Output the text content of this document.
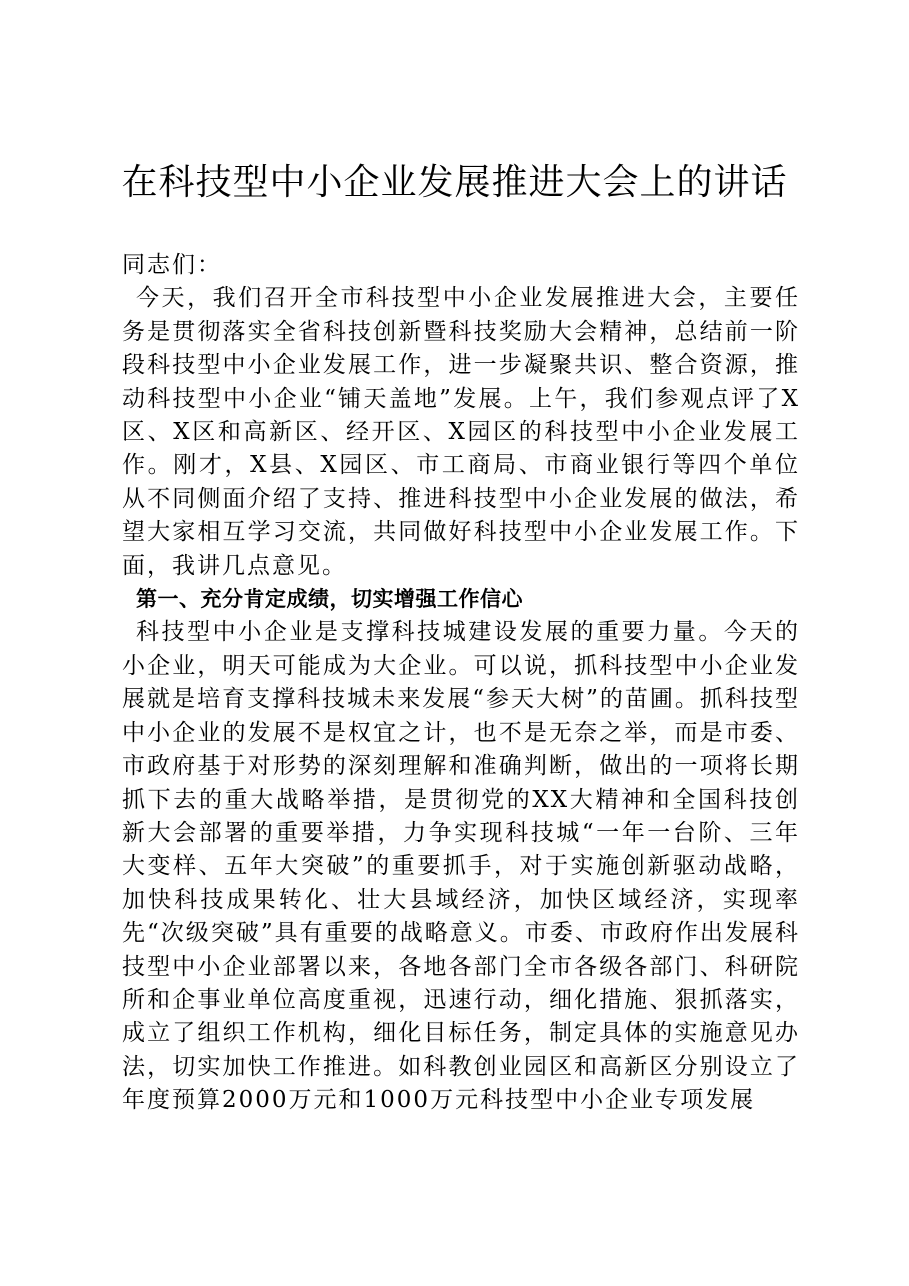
在科技型中小企业发展推进大会上的讲话

同志们：

今天，我们召开全市科技型中小企业发展推进大会，主要任务是贯彻落实全省科技创新暨科技奖励大会精神，总结前一阶段科技型中小企业发展工作，进一步凝聚共识、整合资源，推动科技型中小企业“铺天盖地”发展。上午，我们参观点评了X区、X区和高新区、经开区、X园区的科技型中小企业发展工作。刚才，X县、X园区、市工商局、市商业银行等四个单位从不同侧面介绍了支持、推进科技型中小企业发展的做法，希望大家相互学习交流，共同做好科技型中小企业发展工作。下面，我讲几点意见。

第一、充分肯定成绩，切实增强工作信心

科技型中小企业是支撑科技城建设发展的重要力量。今天的小企业，明天可能成为大企业。可以说，抓科技型中小企业发展就是培育支撑科技城未来发展“参天大树”的苗圃。抓科技型中小企业的发展不是权宜之计，也不是无奈之举，而是市委、市政府基于对形势的深刻理解和准确判断，做出的一项将长期抓下去的重大战略举措，是贯彻党的XX大精神和全国科技创新大会部署的重要举措，力争实现科技城“一年一台阶、三年大变样、五年大突破”的重要抓手，对于实施创新驱动战略，加快科技成果转化、壮大县域经济，加快区域经济，实现率先“次级突破”具有重要的战略意义。市委、市政府作出发展科技型中小企业部署以来，各地各部门全市各级各部门、科研院所和企事业单位高度重视，迅速行动，细化措施、狠抓落实，成立了组织工作机构，细化目标任务，制定具体的实施意见办法，切实加快工作推进。如科教创业园区和高新区分别设立了年度预算2000万元和1000万元科技型中小企业专项发展
